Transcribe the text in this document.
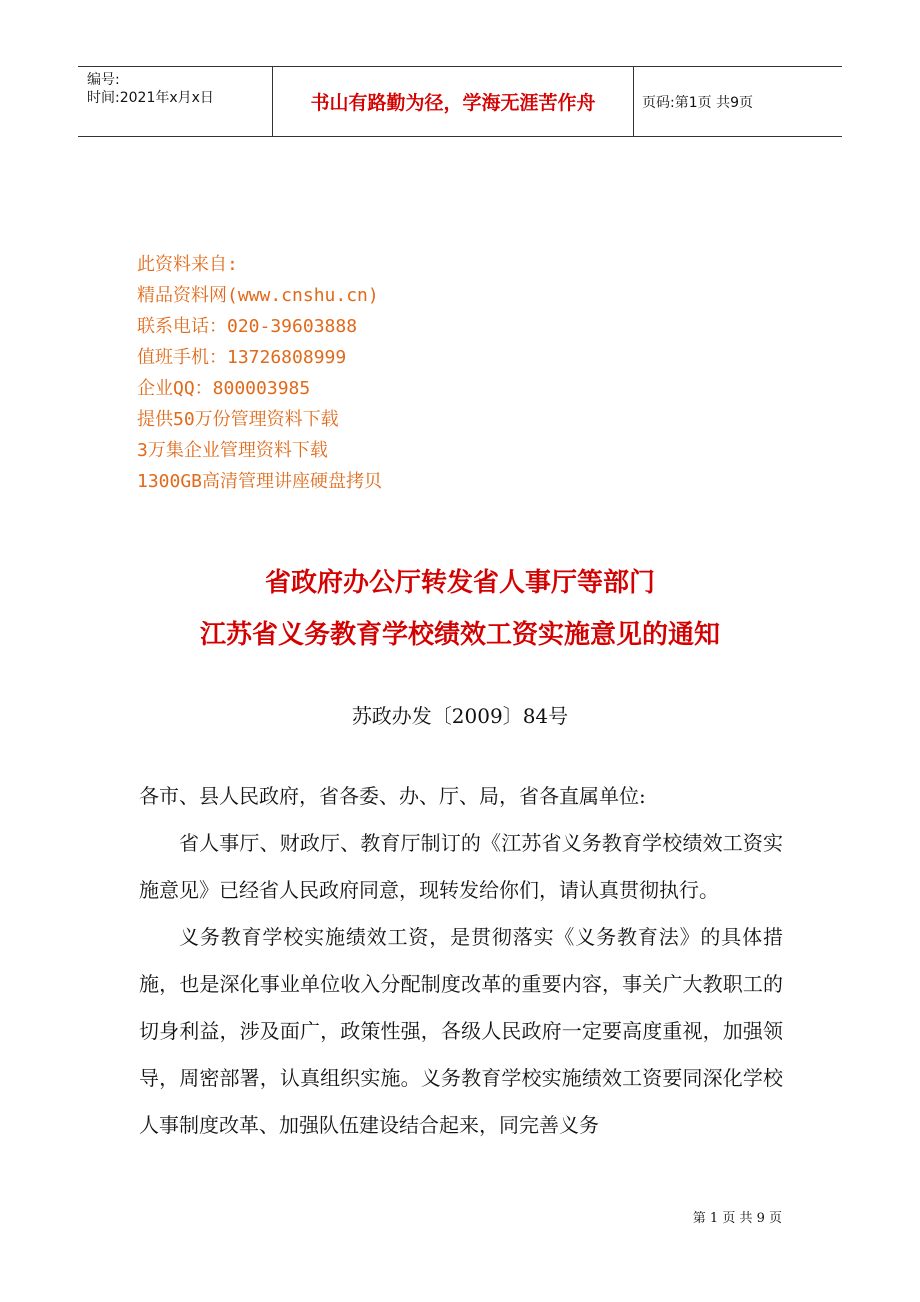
编号:
时间:2021年x月x日	书山有路勤为径，学海无涯苦作舟	页码:第1页 共9页
此资料来自:
精品资料网(www.cnshu.cn)
联系电话：020-39603888
值班手机：13726808999
企业QQ：800003985
提供50万份管理资料下载
3万集企业管理资料下载
1300GB高清管理讲座硬盘拷贝
省政府办公厅转发省人事厅等部门
江苏省义务教育学校绩效工资实施意见的通知
苏政办发〔2009〕84号

各市、县人民政府，省各委、办、厅、局，省各直属单位:

省人事厅、财政厅、教育厅制订的《江苏省义务教育学校绩效工资实施意见》已经省人民政府同意，现转发给你们，请认真贯彻执行。

义务教育学校实施绩效工资，是贯彻落实《义务教育法》的具体措施，也是深化事业单位收入分配制度改革的重要内容，事关广大教职工的切身利益，涉及面广，政策性强，各级人民政府一定要高度重视，加强领导，周密部署，认真组织实施。义务教育学校实施绩效工资要同深化学校人事制度改革、加强队伍建设结合起来，同完善义务

第 1 页 共 9 页
